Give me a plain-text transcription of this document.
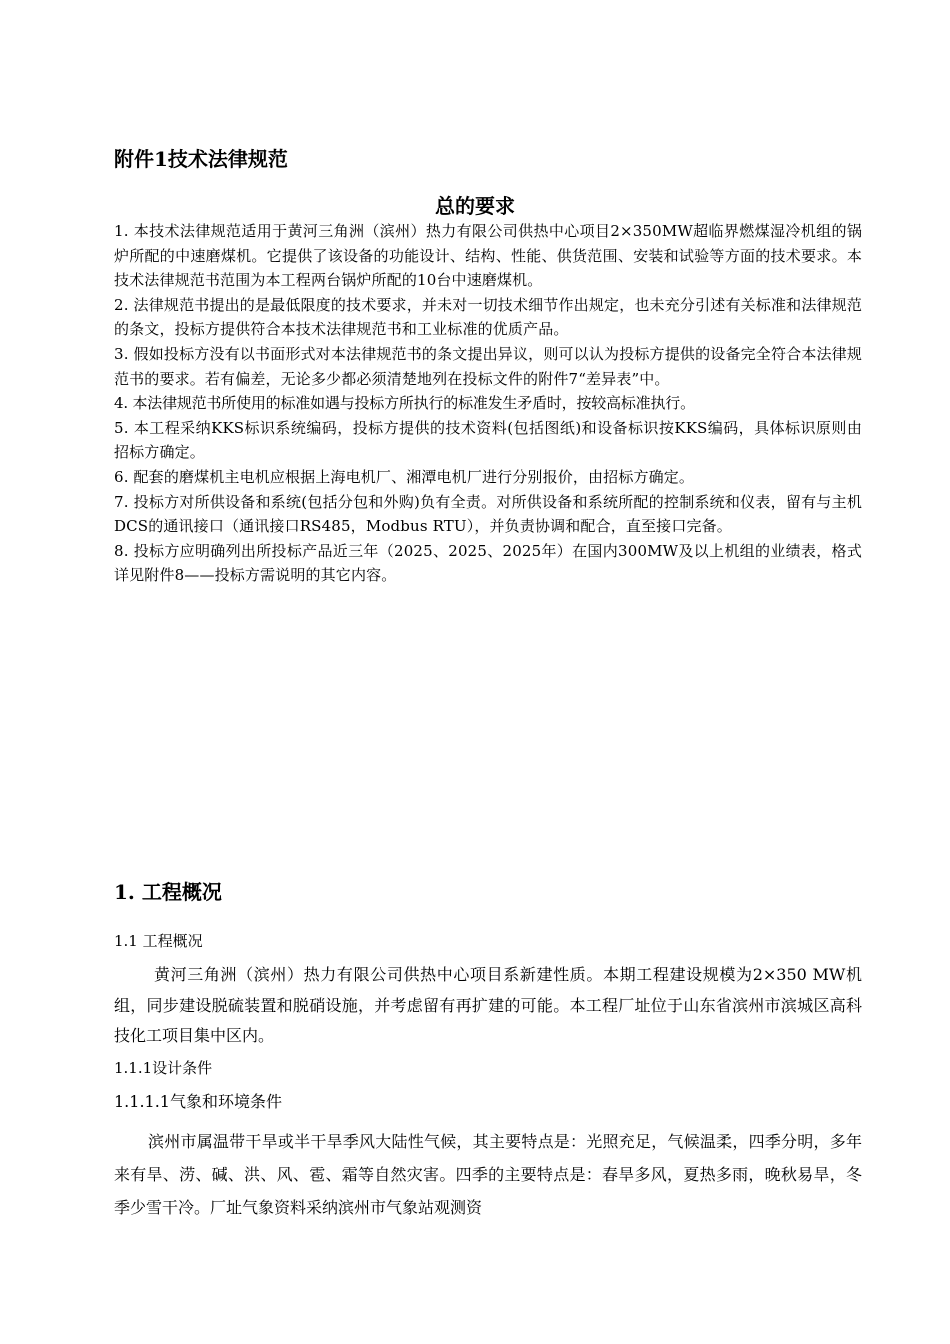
附件1技术法律规范
总的要求

1. 本技术法律规范适用于黄河三角洲（滨州）热力有限公司供热中心项目2×350MW超临界燃煤湿冷机组的锅炉所配的中速磨煤机。它提供了该设备的功能设计、结构、性能、供货范围、安装和试验等方面的技术要求。本技术法律规范书范围为本工程两台锅炉所配的10台中速磨煤机。

2. 法律规范书提出的是最低限度的技术要求，并未对一切技术细节作出规定，也未充分引述有关标准和法律规范的条文，投标方提供符合本技术法律规范书和工业标准的优质产品。

3. 假如投标方没有以书面形式对本法律规范书的条文提出异议，则可以认为投标方提供的设备完全符合本法律规范书的要求。若有偏差，无论多少都必须清楚地列在投标文件的附件7“差异表”中。

4. 本法律规范书所使用的标准如遇与投标方所执行的标准发生矛盾时，按较高标准执行。

5. 本工程采纳KKS标识系统编码，投标方提供的技术资料(包括图纸)和设备标识按KKS编码，具体标识原则由招标方确定。

6. 配套的磨煤机主电机应根据上海电机厂、湘潭电机厂进行分别报价，由招标方确定。

7. 投标方对所供设备和系统(包括分包和外购)负有全责。对所供设备和系统所配的控制系统和仪表，留有与主机DCS的通讯接口（通讯接口RS485，Modbus RTU），并负责协调和配合，直至接口完备。

8. 投标方应明确列出所投标产品近三年（2025、2025、2025年）在国内300MW及以上机组的业绩表，格式详见附件8——投标方需说明的其它内容。

1. 工程概况
1.1 工程概况

黄河三角洲（滨州）热力有限公司供热中心项目系新建性质。本期工程建设规模为2×350 MW机组，同步建设脱硫装置和脱硝设施，并考虑留有再扩建的可能。本工程厂址位于山东省滨州市滨城区高科技化工项目集中区内。

1.1.1设计条件
1.1.1.1气象和环境条件

滨州市属温带干旱或半干旱季风大陆性气候，其主要特点是：光照充足，气候温柔，四季分明，多年来有旱、涝、碱、洪、风、雹、霜等自然灾害。四季的主要特点是：春旱多风，夏热多雨，晚秋易旱，冬季少雪干冷。厂址气象资料采纳滨州市气象站观测资
